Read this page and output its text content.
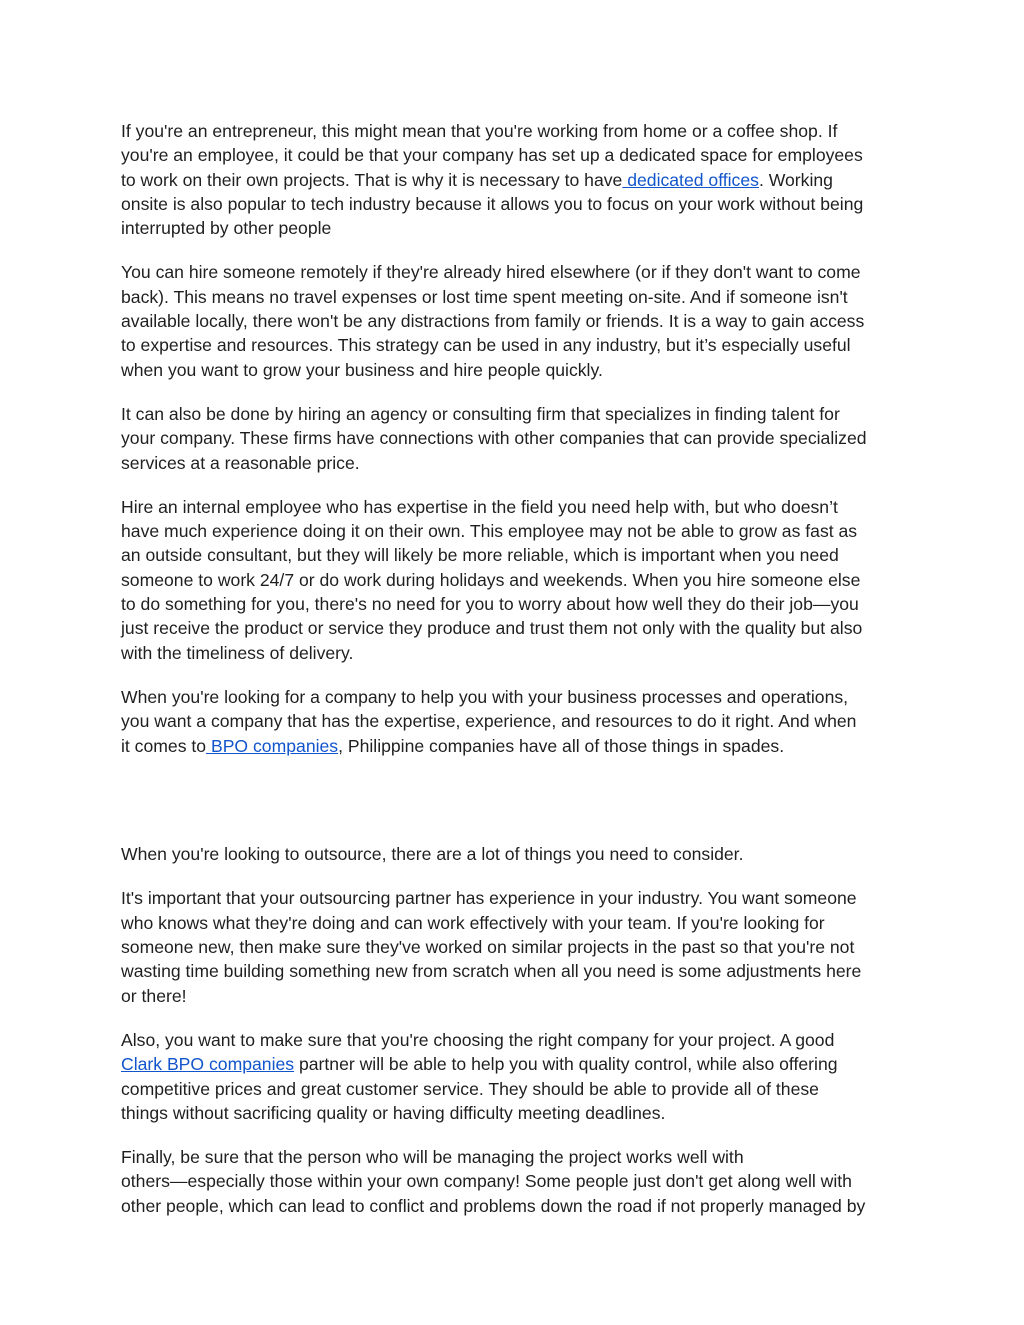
If you're an entrepreneur, this might mean that you're working from home or a coffee shop. If
you're an employee, it could be that your company has set up a dedicated space for employees
to work on their own projects. That is why it is necessary to have dedicated offices. Working
onsite is also popular to tech industry because it allows you to focus on your work without being
interrupted by other people

You can hire someone remotely if they're already hired elsewhere (or if they don't want to come
back). This means no travel expenses or lost time spent meeting on-site. And if someone isn't
available locally, there won't be any distractions from family or friends. It is a way to gain access
to expertise and resources. This strategy can be used in any industry, but it’s especially useful
when you want to grow your business and hire people quickly.

It can also be done by hiring an agency or consulting firm that specializes in finding talent for
your company. These firms have connections with other companies that can provide specialized
services at a reasonable price.

Hire an internal employee who has expertise in the field you need help with, but who doesn’t
have much experience doing it on their own. This employee may not be able to grow as fast as
an outside consultant, but they will likely be more reliable, which is important when you need
someone to work 24/7 or do work during holidays and weekends. When you hire someone else
to do something for you, there's no need for you to worry about how well they do their job—you
just receive the product or service they produce and trust them not only with the quality but also
with the timeliness of delivery.

When you're looking for a company to help you with your business processes and operations,
you want a company that has the expertise, experience, and resources to do it right. And when
it comes to BPO companies, Philippine companies have all of those things in spades.

When you're looking to outsource, there are a lot of things you need to consider.

It's important that your outsourcing partner has experience in your industry. You want someone
who knows what they're doing and can work effectively with your team. If you're looking for
someone new, then make sure they've worked on similar projects in the past so that you're not
wasting time building something new from scratch when all you need is some adjustments here
or there!

Also, you want to make sure that you're choosing the right company for your project. A good
Clark BPO companies partner will be able to help you with quality control, while also offering
competitive prices and great customer service. They should be able to provide all of these
things without sacrificing quality or having difficulty meeting deadlines.

Finally, be sure that the person who will be managing the project works well with
others—especially those within your own company! Some people just don't get along well with
other people, which can lead to conflict and problems down the road if not properly managed by
